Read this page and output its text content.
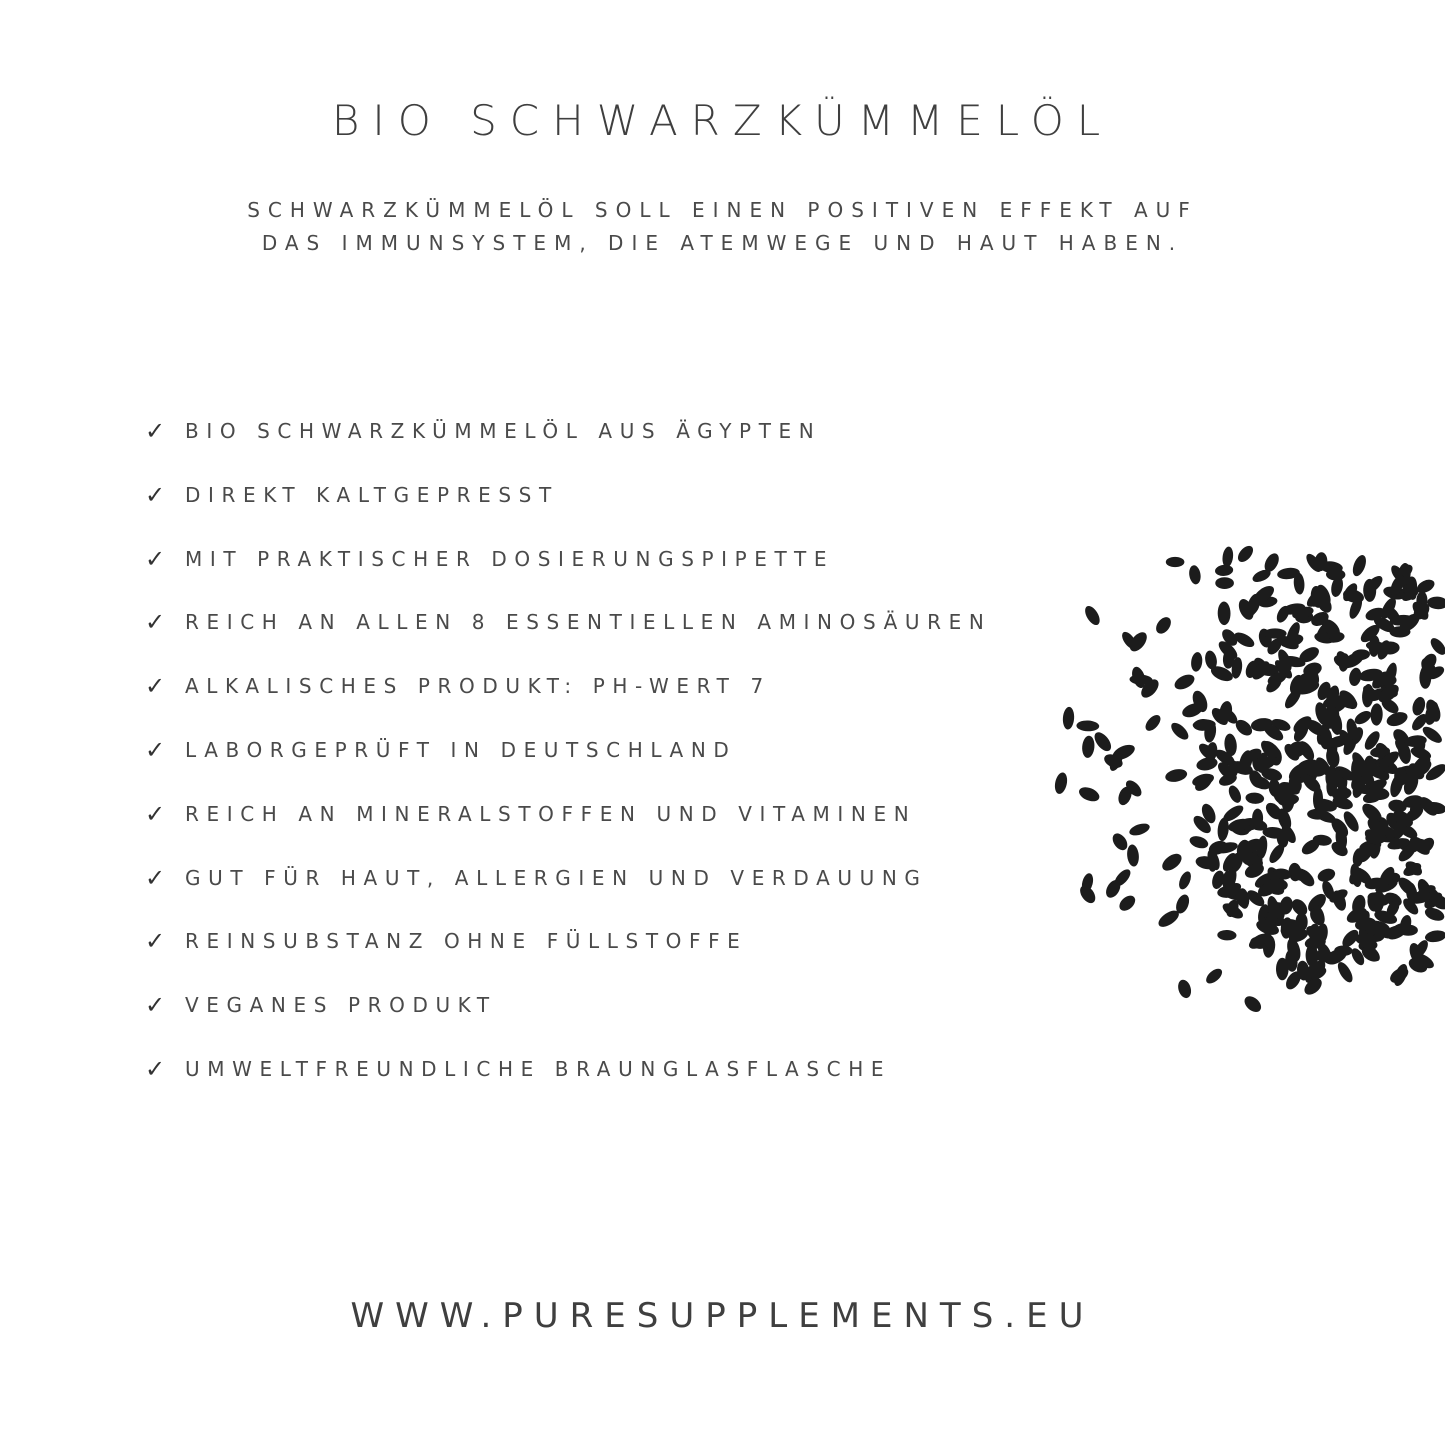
BIO SCHWARZKÜMMELÖL
SCHWARZKÜMMELÖL SOLL EINEN POSITIVEN EFFEKT AUF
DAS IMMUNSYSTEM, DIE ATEMWEGE UND HAUT HABEN.
✓ BIO SCHWARZKÜMMELÖL AUS ÄGYPTEN
✓ DIREKT KALTGEPRESST
✓ MIT PRAKTISCHER DOSIERUNGSPIPETTE
✓ REICH AN ALLEN 8 ESSENTIELLEN AMINOSÄUREN
✓ ALKALISCHES PRODUKT: PH-WERT 7
✓ LABORGEPRÜFT IN DEUTSCHLAND
✓ REICH AN MINERALSTOFFEN UND VITAMINEN
✓ GUT FÜR HAUT, ALLERGIEN UND VERDAUUNG
✓ REINSUBSTANZ OHNE FÜLLSTOFFE
✓ VEGANES PRODUKT
✓ UMWELTFREUNDLICHE BRAUNGLASFLASCHE
WWW.PURESUPPLEMENTS.EU
